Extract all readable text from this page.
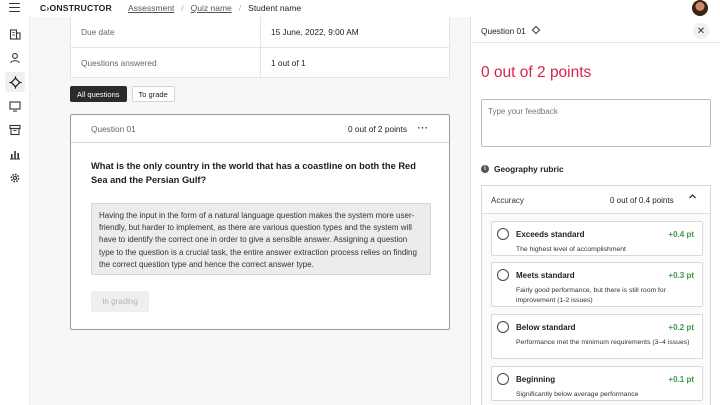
C›ONSTRUCTOR Assessment / Quiz name / Student name
Due date	15 June, 2022, 9:00 AM
Questions answered	1 out of 1
All questions	To grade
Question 01	0 out of 2 points ⋯
What is the only country in the world that has a coastline on both the Red Sea and the Persian Gulf?
Having the input in the form of a natural language question makes the system more user-friendly, but harder to implement, as there are various question types and the system will have to identify the correct one in order to give a sensible answer. Assigning a question type to the question is a crucial task, the entire answer extraction process relies on finding the correct question type and hence the correct answer type.
In grading
Question 01	✕
0 out of 2 points
Type your feedback
i Geography rubric
Accuracy	0 out of 0.4 points
Exceeds standard	+0.4 pt
The highest level of accomplishment
Meets standard	+0.3 pt
Fairly good performance, but there is still room for improvement (1-2 issues)
Below standard	+0.2 pt
Performance met the minimum requirements (3–4 issues)
Beginning	+0.1 pt
Significantly below average performance
